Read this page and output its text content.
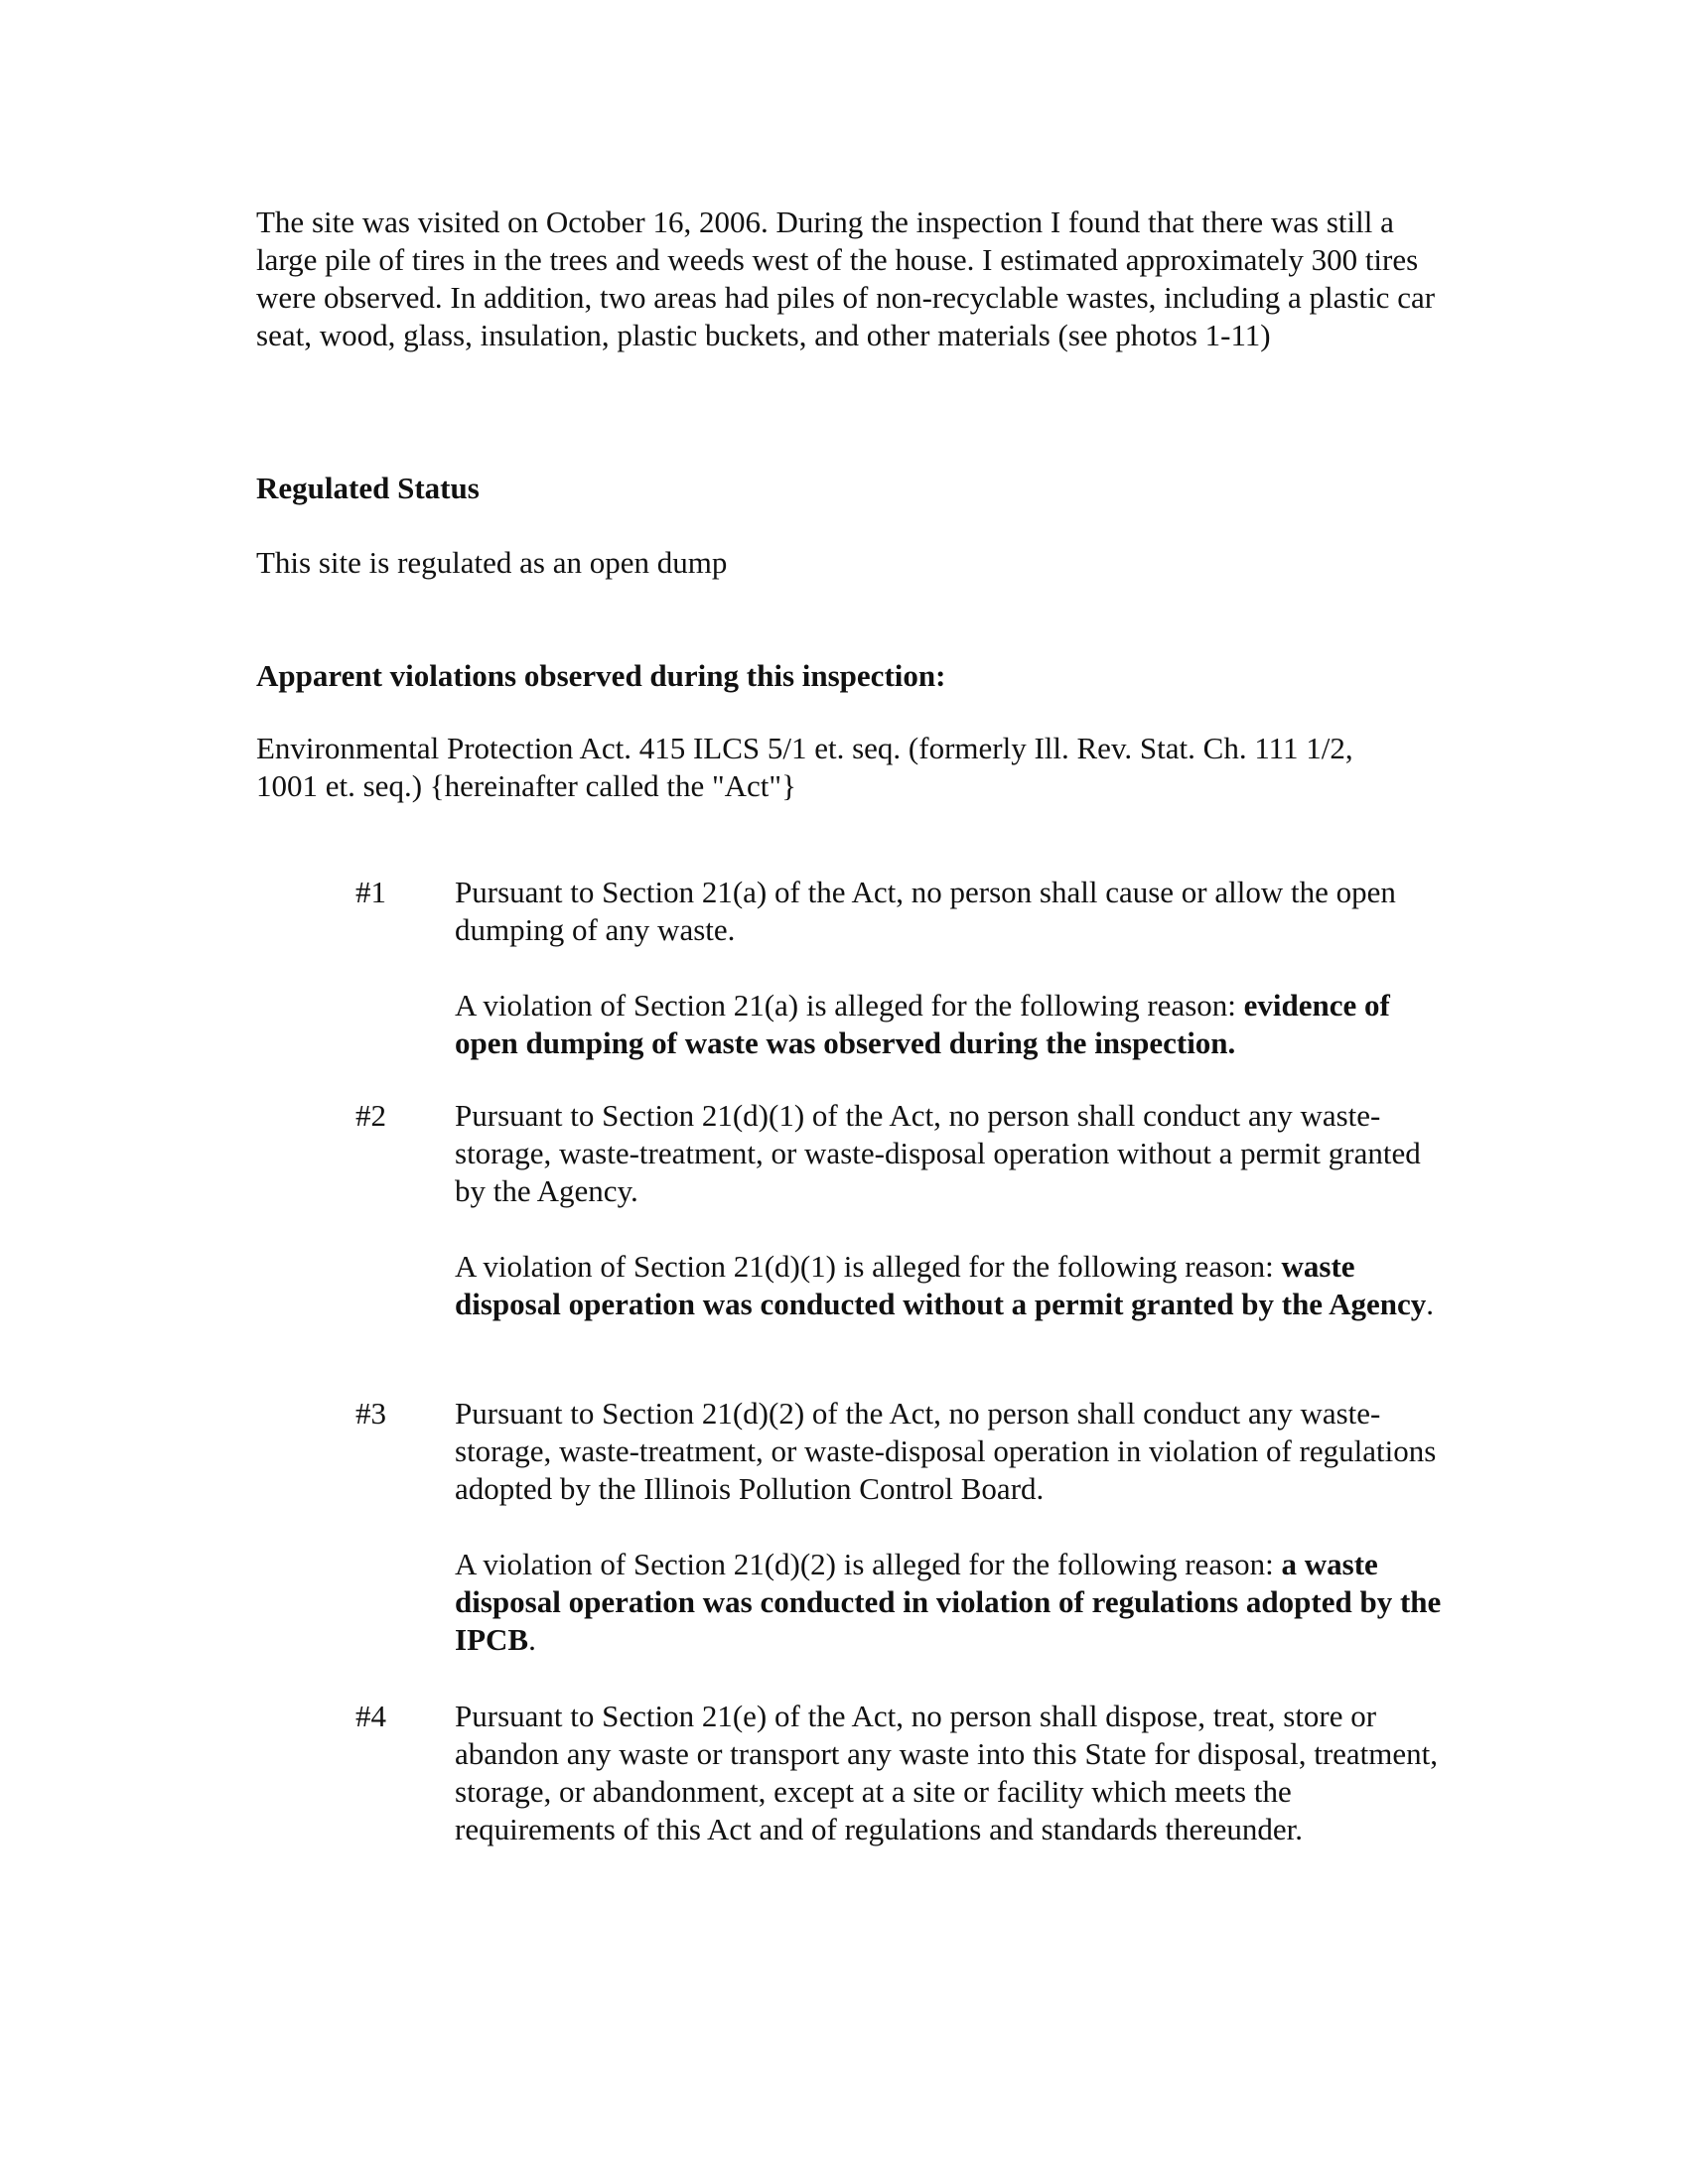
The site was visited on October 16, 2006. During the inspection I found that there was still a large pile of tires in the trees and weeds west of the house. I estimated approximately 300 tires were observed. In addition, two areas had piles of non-recyclable wastes, including a plastic car seat, wood, glass, insulation, plastic buckets, and other materials (see photos 1-11)
Regulated Status
This site is regulated as an open dump
Apparent violations observed during this inspection:
Environmental Protection Act. 415 ILCS 5/1 et. seq. (formerly Ill. Rev. Stat. Ch. 111 1/2, 1001 et. seq.) {hereinafter called the "Act"}
#1	Pursuant to Section 21(a) of the Act, no person shall cause or allow the open dumping of any waste.
A violation of Section 21(a) is alleged for the following reason: evidence of open dumping of waste was observed during the inspection.
#2	Pursuant to Section 21(d)(1) of the Act, no person shall conduct any waste-storage, waste-treatment, or waste-disposal operation without a permit granted by the Agency.
A violation of Section 21(d)(1) is alleged for the following reason: waste disposal operation was conducted without a permit granted by the Agency.
#3	Pursuant to Section 21(d)(2) of the Act, no person shall conduct any waste-storage, waste-treatment, or waste-disposal operation in violation of regulations adopted by the Illinois Pollution Control Board.
A violation of Section 21(d)(2) is alleged for the following reason: a waste disposal operation was conducted in violation of regulations adopted by the IPCB.
#4	Pursuant to Section 21(e) of the Act, no person shall dispose, treat, store or abandon any waste or transport any waste into this State for disposal, treatment, storage, or abandonment, except at a site or facility which meets the requirements of this Act and of regulations and standards thereunder.
